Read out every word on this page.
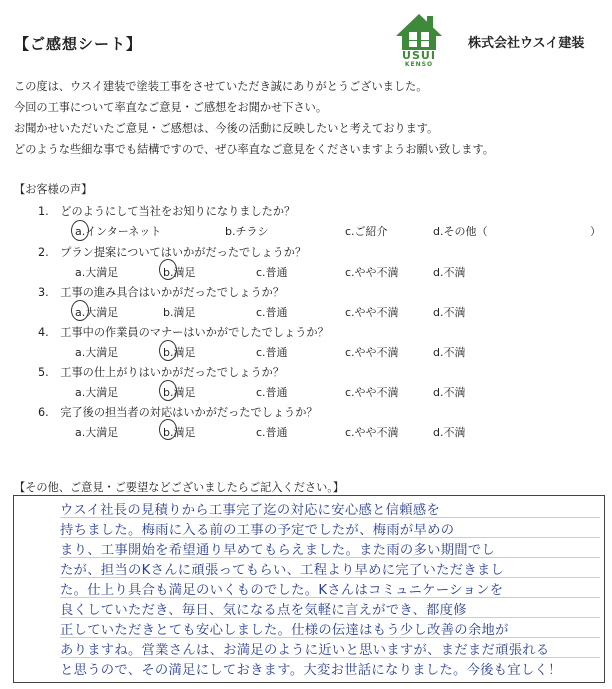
【ご感想シート】
USUI
KENSO
株式会社ウスイ建装
この度は、ウスイ建装で塗装工事をさせていただき誠にありがとうございました。
今回の工事について率直なご意見・ご感想をお聞かせ下さい。
お聞かせいただいたご意見・ご感想は、今後の活動に反映したいと考えております。
どのような些細な事でも結構ですので、ぜひ率直なご意見をくださいますようお願い致します。
【お客様の声】
1. どのようにして当社をお知りになりましたか？
a.インターネット	b.チラシ	c.ご紹介	d.その他（	）
2. プラン提案についてはいかがだったでしょうか？
a.大満足	b.満足	c.普通	c.やや不満	d.不満
3. 工事の進み具合はいかがだったでしょうか？
a.大満足	b.満足	c.普通	c.やや不満	d.不満
4. 工事中の作業員のマナーはいかがでしたでしょうか？
a.大満足	b.満足	c.普通	c.やや不満	d.不満
5. 工事の仕上がりはいかがだったでしょうか？
a.大満足	b.満足	c.普通	c.やや不満	d.不満
6. 完了後の担当者の対応はいかがだったでしょうか？
a.大満足	b.満足	c.普通	c.やや不満	d.不満
【その他、ご意見・ご要望などございましたらご記入ください。】
ウスイ社長の見積りから工事完了迄の対応に安心感と信頼感を
持ちました。梅雨に入る前の工事の予定でしたが、梅雨が早めの
まり、工事開始を希望通り早めてもらえました。また雨の多い期間でし
たが、担当のKさんに頑張ってもらい、工程より早めに完了いただきまし
た。仕上り具合も満足のいくものでした。Kさんはコミュニケーションを
良くしていただき、毎日、気になる点を気軽に言えができ、都度修
正していただきとても安心しました。仕様の伝達はもう少し改善の余地が
ありますね。営業さんは、お満足のように近いと思いますが、まだまだ頑張れる
と思うので、その満足にしておきます。大変お世話になりました。今後も宜しく！
